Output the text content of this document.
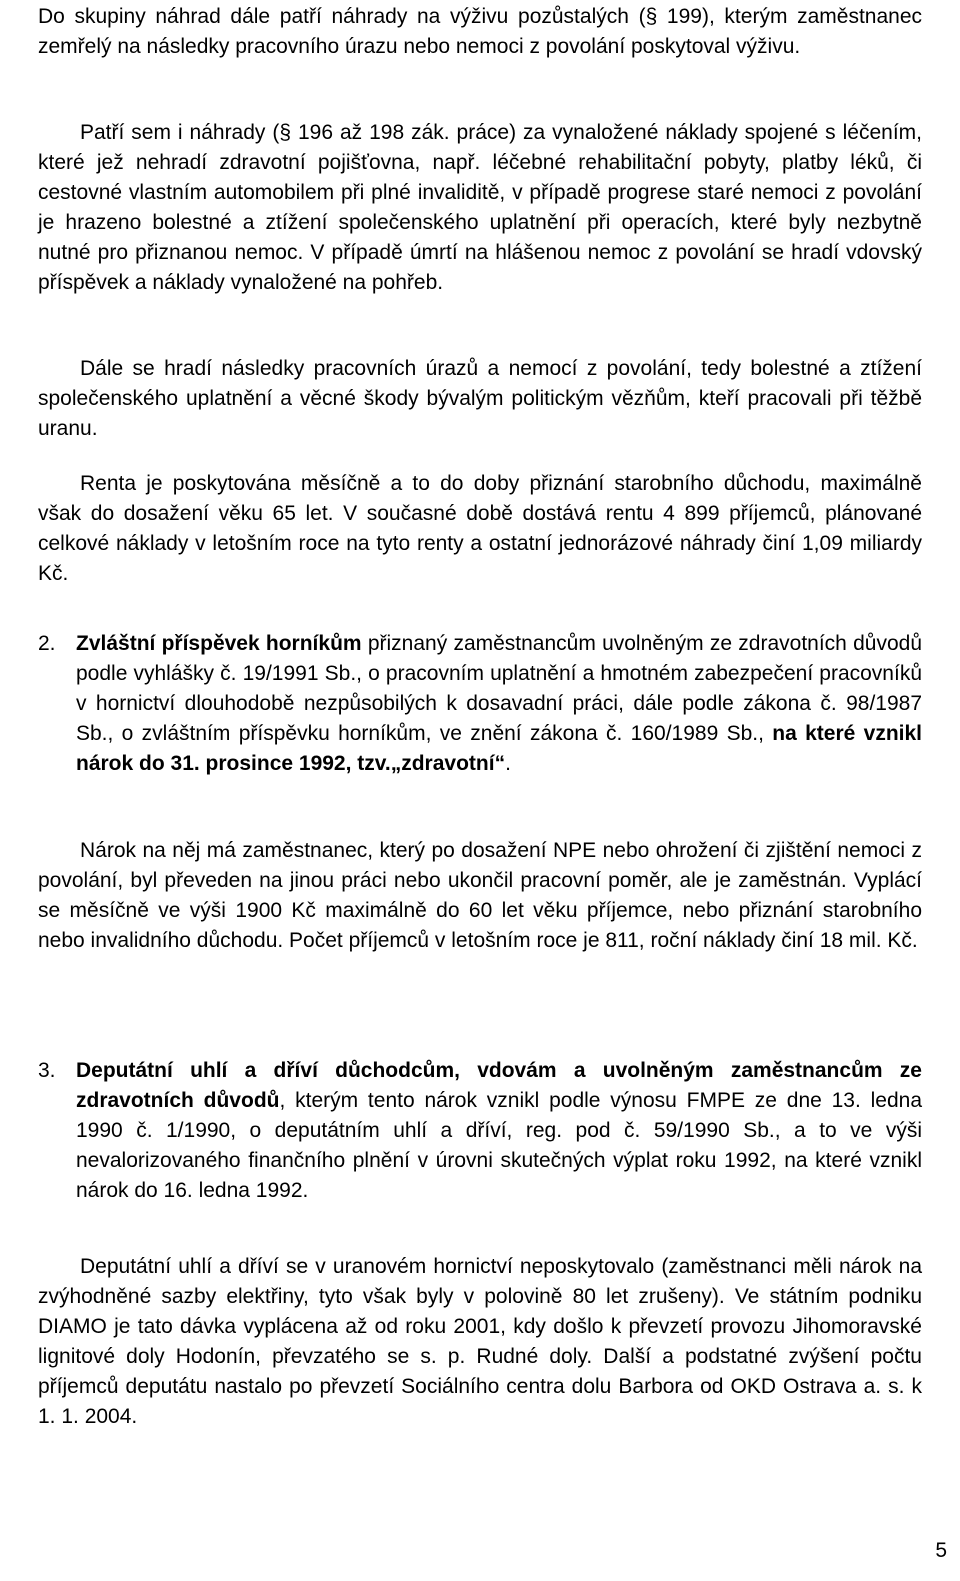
Do skupiny náhrad dále patří náhrady na výživu pozůstalých (§ 199), kterým zaměstnanec zemřelý na následky pracovního úrazu nebo nemoci z povolání poskytoval výživu.

Patří sem i náhrady (§ 196 až 198 zák. práce) za vynaložené náklady spojené s léčením, které jež nehradí zdravotní pojišťovna, např. léčebné rehabilitační pobyty, platby léků, či cestovné vlastním automobilem při plné invaliditě, v případě progrese staré nemoci z povolání je hrazeno bolestné a ztížení společenského uplatnění při operacích, které byly nezbytně nutné pro přiznanou nemoc. V případě úmrtí na hlášenou nemoc z povolání se hradí vdovský příspěvek a náklady vynaložené na pohřeb.

Dále se hradí následky pracovních úrazů a nemocí z povolání, tedy bolestné a ztížení společenského uplatnění a věcné škody bývalým politickým vězňům, kteří pracovali při těžbě uranu.

Renta je poskytována měsíčně a to do doby přiznání starobního důchodu, maximálně však do dosažení věku 65 let. V současné době dostává rentu 4 899 příjemců, plánované celkové náklady v letošním roce na tyto renty a ostatní jednorázové náhrady činí 1,09 miliardy Kč.

2. Zvláštní příspěvek horníkům přiznaný zaměstnancům uvolněným ze zdravotních důvodů podle vyhlášky č. 19/1991 Sb., o pracovním uplatnění a hmotném zabezpečení pracovníků v hornictví dlouhodobě nezpůsobilých k dosavadní práci, dále podle zákona č. 98/1987 Sb., o zvláštním příspěvku horníkům, ve znění zákona č. 160/1989 Sb., na které vznikl nárok do 31. prosince 1992, tzv.„zdravotní“.

Nárok na něj má zaměstnanec, který po dosažení NPE nebo ohrožení či zjištění nemoci z povolání, byl převeden na jinou práci nebo ukončil pracovní poměr, ale je zaměstnán. Vyplácí se měsíčně ve výši 1900 Kč maximálně do 60 let věku příjemce, nebo přiznání starobního nebo invalidního důchodu. Počet příjemců v letošním roce je 811, roční náklady činí 18 mil. Kč.

3. Deputátní uhlí a dříví důchodcům, vdovám a uvolněným zaměstnancům ze zdravotních důvodů, kterým tento nárok vznikl podle výnosu FMPE ze dne 13. ledna 1990 č. 1/1990, o deputátním uhlí a dříví, reg. pod č. 59/1990 Sb., a to ve výši nevalorizovaného finančního plnění v úrovni skutečných výplat roku 1992, na které vznikl nárok do 16. ledna 1992.

Deputátní uhlí a dříví se v uranovém hornictví neposkytovalo (zaměstnanci měli nárok na zvýhodněné sazby elektřiny, tyto však byly v polovině 80 let zrušeny). Ve státním podniku DIAMO je tato dávka vyplácena až od roku 2001, kdy došlo k převzetí provozu Jihomoravské lignitové doly Hodonín, převzatého se s. p. Rudné doly. Další a podstatné zvýšení počtu příjemců deputátu nastalo po převzetí Sociálního centra dolu Barbora od OKD Ostrava a. s. k 1. 1. 2004.

5
